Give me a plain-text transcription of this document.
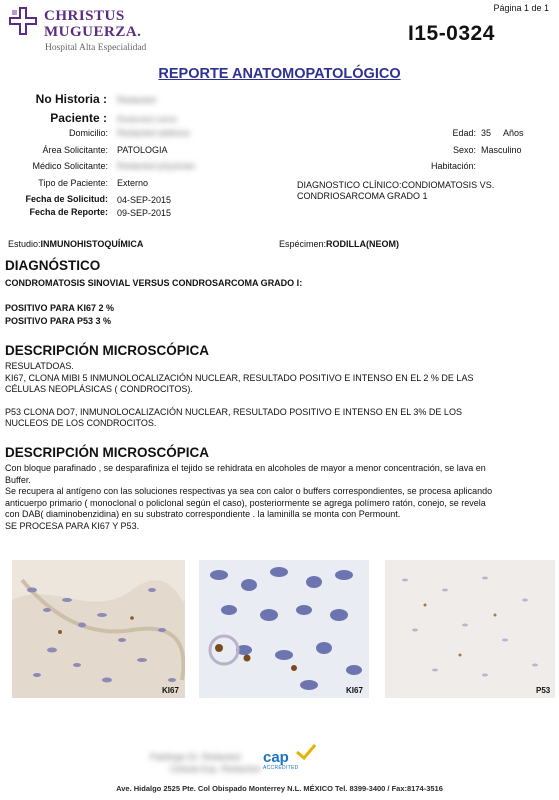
CHRISTUS
MUGUERZA.
Hospital Alta Especialidad
Página 1 de 1
I15-0324
REPORTE ANATOMOPATOLÓGICO
No Historia : Redacted
Paciente : Redacted name
Domicilio: Redacted address
Área Solicitante: PATOLOGIA
Médico Solicitante: Redacted physician
Tipo de Paciente: Externo
Fecha de Solicitud: 04-SEP-2015
Fecha de Reporte: 09-SEP-2015
Edad: 35 Años
Sexo: Masculino
Habitación:
DIAGNOSTICO CLÍNICO:CONDIOMATOSIS VS.
CONDRIOSARCOMA GRADO 1
Estudio:INMUNOHISTOQUÍMICA	Espécimen:RODILLA(NEOM)
DIAGNÓSTICO
CONDROMATOSIS SINOVIAL VERSUS CONDROSARCOMA GRADO I:
POSITIVO PARA KI67 2 %
POSITIVO PARA P53 3 %
DESCRIPCIÓN MICROSCÓPICA
RESULATDOAS.
KI67, CLONA MIBI 5 INMUNOLOCALIZACIÓN NUCLEAR, RESULTADO POSITIVO E INTENSO EN EL 2 % DE LAS
CÉLULAS NEOPLÁSICAS ( CONDROCITOS).
P53 CLONA DO7, INMUNOLOCALIZACIÓN NUCLEAR, RESULTADO POSITIVO E INTENSO EN EL 3% DE LOS
NUCLEOS DE LOS CONDROCITOS.
DESCRIPCIÓN MICROSCÓPICA
Con bloque parafinado , se desparafiniza el tejido se rehidrata en alcoholes de mayor a menor concentración, se lava en
Buffer.
Se recupera al antígeno con las soluciones respectivas ya sea con calor o buffers correspondientes, se procesa aplicando
anticuerpo primario ( monoclonal o policlonal según el caso), posteriormente se agrega polímero ratón, conejo, se revela
con DAB( diaminobenzidina) en su substrato correspondiente . la laminilla se monta con Permount.
SE PROCESA PARA KI67 Y P53.
KI67	KI67	P53
Patólogo Dr. Redacted
Cédula Esp. Redacted
cap
ACCREDITED
Ave. Hidalgo 2525 Pte. Col Obispado Monterrey N.L. MÉXICO Tel. 8399-3400 / Fax:8174-3516
